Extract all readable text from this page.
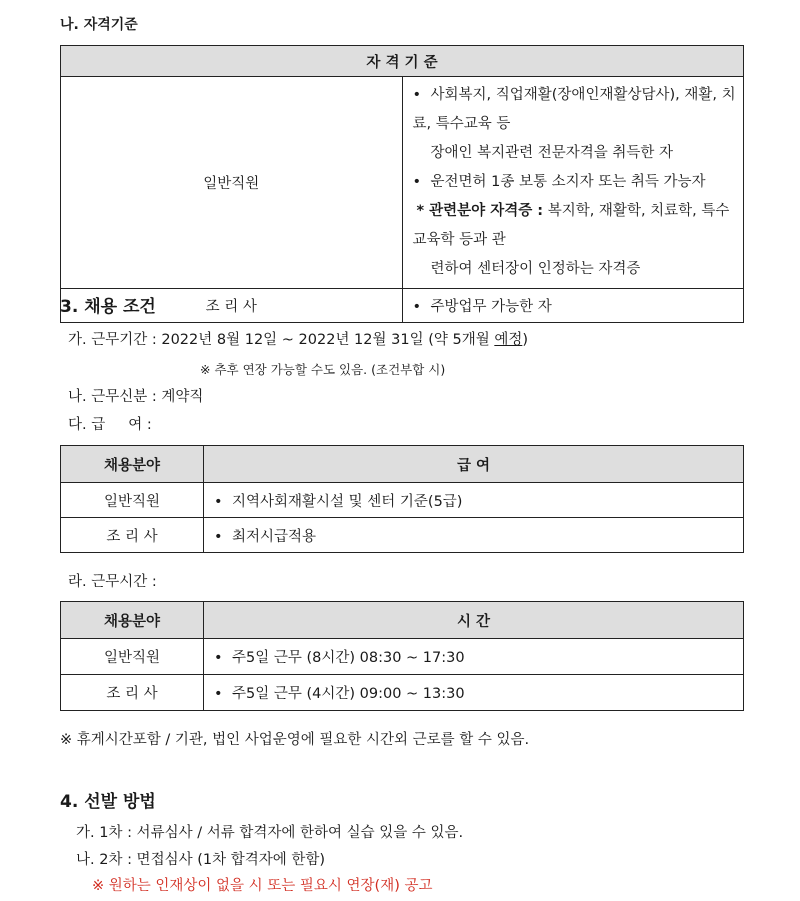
나. 자격기준
자 격 기 준	
일반직원	• 사회복지, 직업재활(장애인재활상담사), 재활, 치료, 특수교육 등

장애인 복지관련 전문자격을 취득한 자
• 운전면허 1종 보통 소지자 또는 취득 가능자
* 관련분야 자격증 : 복지학, 재활학, 치료학, 특수교육학 등과 관

련하여 센터장이 인정하는 자격증

조 리 사	• 주방업무 가능한 자
3. 채용 조건
가. 근무기간 : 2022년 8월 12일 ~ 2022년 12월 31일 (약 5개월 예정)
※ 추후 연장 가능할 수도 있음. (조건부합 시)
나. 근무신분 : 계약직
다. 급     여 :
채용분야	급 여
일반직원	• 지역사회재활시설 및 센터 기준(5급)
조 리 사	• 최저시급적용
라. 근무시간 :
채용분야	시 간
일반직원	• 주5일 근무 (8시간) 08:30 ~ 17:30
조 리 사	• 주5일 근무 (4시간) 09:00 ~ 13:30
※ 휴게시간포함 / 기관, 법인 사업운영에 필요한 시간외 근로를 할 수 있음.
4. 선발 방법
가. 1차 : 서류심사 / 서류 합격자에 한하여 실습 있을 수 있음.
나. 2차 : 면접심사 (1차 합격자에 한함)
※ 원하는 인재상이 없을 시 또는 필요시 연장(재) 공고
